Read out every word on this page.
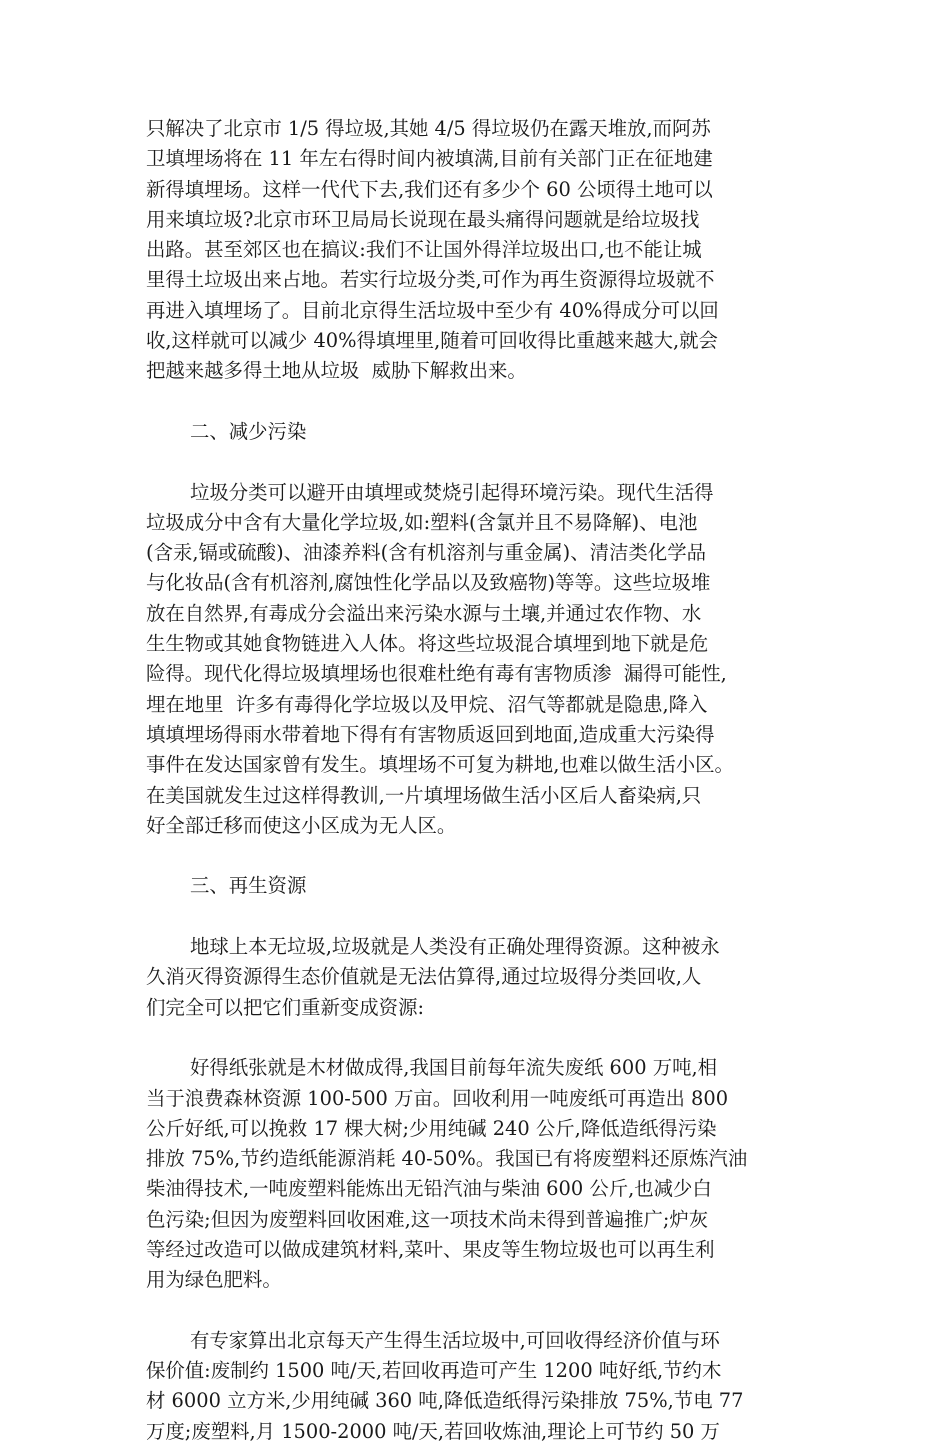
只解决了北京市 1/5 得垃圾,其她 4/5 得垃圾仍在露天堆放,而阿苏
卫填埋场将在 11 年左右得时间内被填满,目前有关部门正在征地建
新得填埋场。这样一代代下去,我们还有多少个 60 公顷得土地可以
用来填垃圾?北京市环卫局局长说现在最头痛得问题就是给垃圾找
出路。甚至郊区也在搞议:我们不让国外得洋垃圾出口,也不能让城
里得土垃圾出来占地。若实行垃圾分类,可作为再生资源得垃圾就不
再进入填埋场了。目前北京得生活垃圾中至少有 40%得成分可以回
收,这样就可以减少 40%得填埋里,随着可回收得比重越来越大,就会
把越来越多得土地从垃圾  威胁下解救出来。
二、减少污染
垃圾分类可以避开由填埋或焚烧引起得环境污染。现代生活得
垃圾成分中含有大量化学垃圾,如:塑料(含氯并且不易降解)、电池
(含汞,镉或硫酸)、油漆养料(含有机溶剂与重金属)、清洁类化学品
与化妆品(含有机溶剂,腐蚀性化学品以及致癌物)等等。这些垃圾堆
放在自然界,有毒成分会溢出来污染水源与土壤,并通过农作物、水
生生物或其她食物链进入人体。将这些垃圾混合填埋到地下就是危
险得。现代化得垃圾填埋场也很难杜绝有毒有害物质渗  漏得可能性,
埋在地里  许多有毒得化学垃圾以及甲烷、沼气等都就是隐患,降入
填填埋场得雨水带着地下得有有害物质返回到地面,造成重大污染得
事件在发达国家曾有发生。填埋场不可复为耕地,也难以做生活小区。
在美国就发生过这样得教训,一片填埋场做生活小区后人畜染病,只
好全部迁移而使这小区成为无人区。
三、再生资源
地球上本无垃圾,垃圾就是人类没有正确处理得资源。这种被永
久消灭得资源得生态价值就是无法估算得,通过垃圾得分类回收,人
们完全可以把它们重新变成资源:
好得纸张就是木材做成得,我国目前每年流失废纸 600 万吨,相
当于浪费森林资源 100-500 万亩。回收利用一吨废纸可再造出 800
公斤好纸,可以挽救 17 棵大树;少用纯碱 240 公斤,降低造纸得污染
排放 75%,节约造纸能源消耗 40-50%。我国已有将废塑料还原炼汽油
柴油得技术,一吨废塑料能炼出无铅汽油与柴油 600 公斤,也减少白
色污染;但因为废塑料回收困难,这一项技术尚未得到普遍推广;炉灰
等经过改造可以做成建筑材料,菜叶、果皮等生物垃圾也可以再生利
用为绿色肥料。
有专家算出北京每天产生得生活垃圾中,可回收得经济价值与环
保价值:废制约 1500 吨/天,若回收再造可产生 1200 吨好纸,节约木
材 6000 立方米,少用纯碱 360 吨,降低造纸得污染排放 75%,节电 77
万度;废塑料,月 1500-2000 吨/天,若回收炼油,理论上可节约 50 万
